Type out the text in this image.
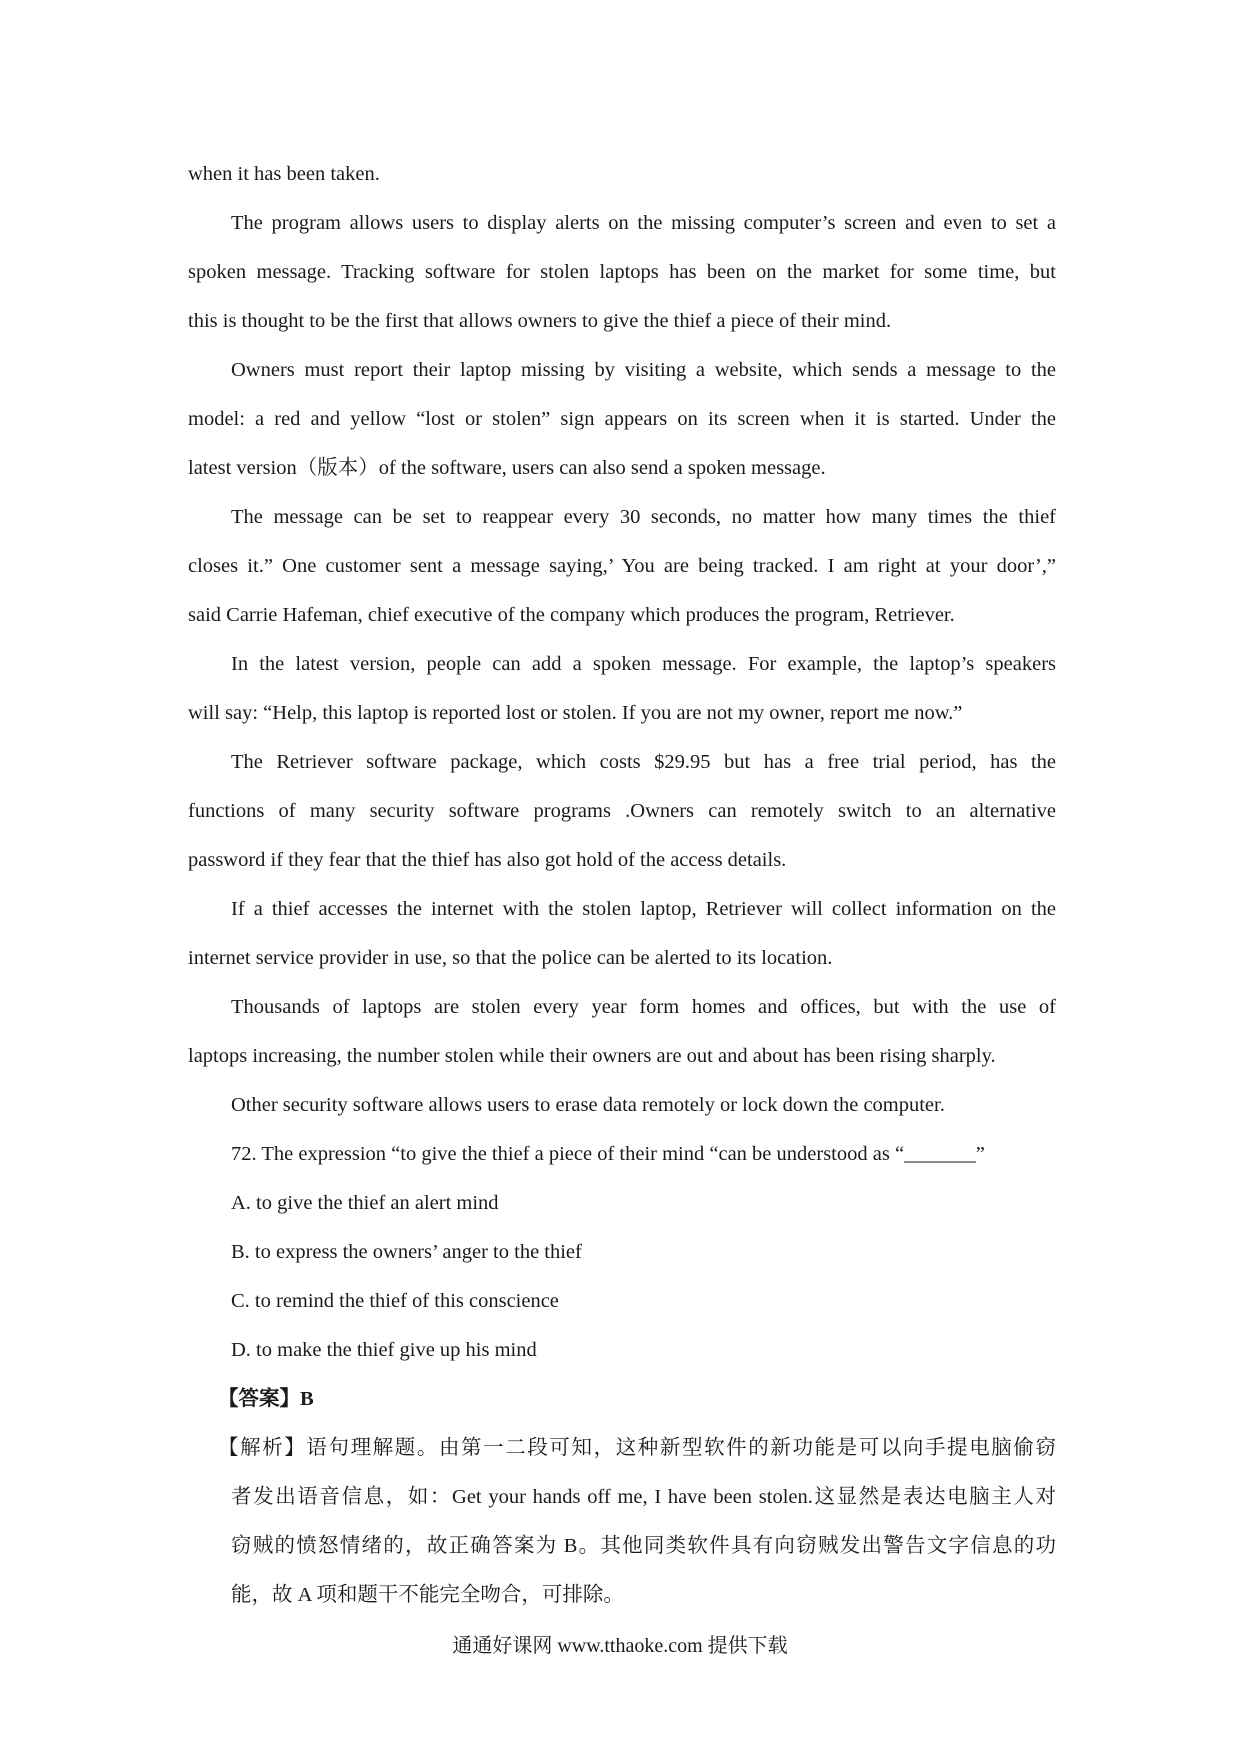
when it has been taken.
The program allows users to display alerts on the missing computer’s screen and even to set a
spoken message. Tracking software for stolen laptops has been on the market for some time, but
this is thought to be the first that allows owners to give the thief a piece of their mind.
Owners must report their laptop missing by visiting a website, which sends a message to the
model: a red and yellow “lost or stolen” sign appears on its screen when it is started. Under the
latest version（版本）of the software, users can also send a spoken message.
The message can be set to reappear every 30 seconds, no matter how many times the thief
closes it.” One customer sent a message saying,’ You are being tracked. I am right at your door’,”
said Carrie Hafeman, chief executive of the company which produces the program, Retriever.
In the latest version, people can add a spoken message. For example, the laptop’s speakers
will say: “Help, this laptop is reported lost or stolen. If you are not my owner, report me now.”
The Retriever software package, which costs $29.95 but has a free trial period, has the
functions of many security software programs .Owners can remotely switch to an alternative
password if they fear that the thief has also got hold of the access details.
If a thief accesses the internet with the stolen laptop, Retriever will collect information on the
internet service provider in use, so that the police can be alerted to its location.
Thousands of laptops are stolen every year form homes and offices, but with the use of
laptops increasing, the number stolen while their owners are out and about has been rising sharply.
Other security software allows users to erase data remotely or lock down the computer.
72. The expression “to give the thief a piece of their mind “can be understood as “_______”
A. to give the thief an alert mind
B. to express the owners’ anger to the thief
C. to remind the thief of this conscience
D. to make the thief give up his mind
【答案】B
【解析】语句理解题。由第一二段可知，这种新型软件的新功能是可以向手提电脑偷窃
者发出语音信息，如：Get your hands off me, I have been stolen.这显然是表达电脑主人对
窃贼的愤怒情绪的，故正确答案为 B。其他同类软件具有向窃贼发出警告文字信息的功
能，故 A 项和题干不能完全吻合，可排除。
通通好课网 www.tthaoke.com 提供下载
